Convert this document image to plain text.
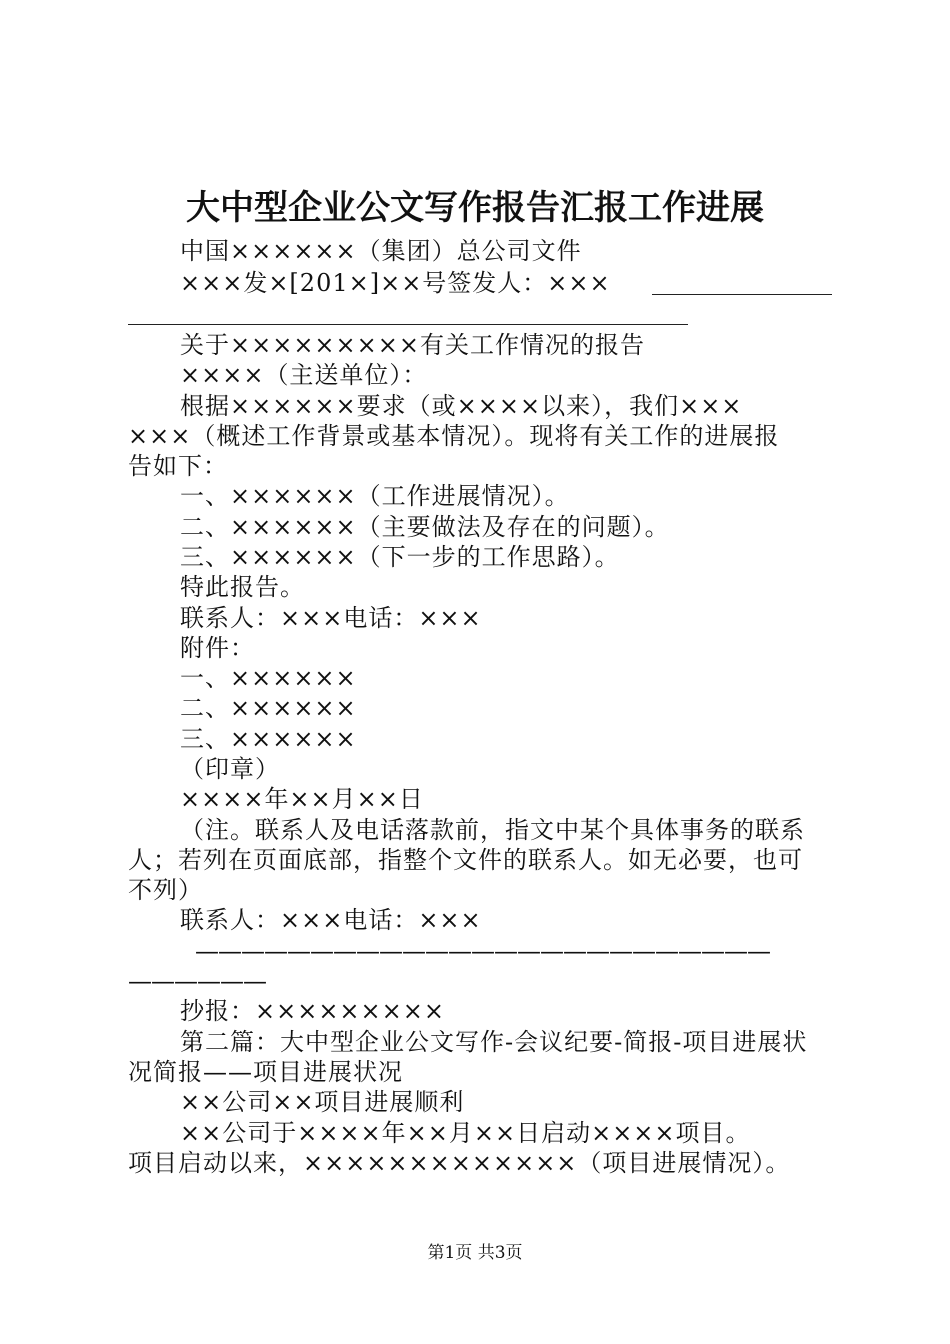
大中型企业公文写作报告汇报工作进展

中国××××××（集团）总公司文件

×××发×[201×]××号签发人：×××

关于×××××××××有关工作情况的报告

××××（主送单位）：

根据××××××要求（或××××以来），我们×××

×××（概述工作背景或基本情况）。现将有关工作的进展报

告如下：

一、××××××（工作进展情况）。

二、××××××（主要做法及存在的问题）。

三、××××××（下一步的工作思路）。

特此报告。

联系人：×××电话：×××

附件：

一、××××××

二、××××××

三、××××××

（印章）

××××年××月××日

（注。联系人及电话落款前，指文中某个具体事务的联系

人；若列在页面底部，指整个文件的联系人。如无必要，也可

不列）

联系人：×××电话：×××

—————————————————————————

——————

抄报：×××××××××

第二篇：大中型企业公文写作-会议纪要-简报-项目进展状

况简报——项目进展状况

××公司××项目进展顺利

××公司于××××年××月××日启动××××项目。

项目启动以来，×××××××××××××（项目进展情况）。

第1页 共3页
